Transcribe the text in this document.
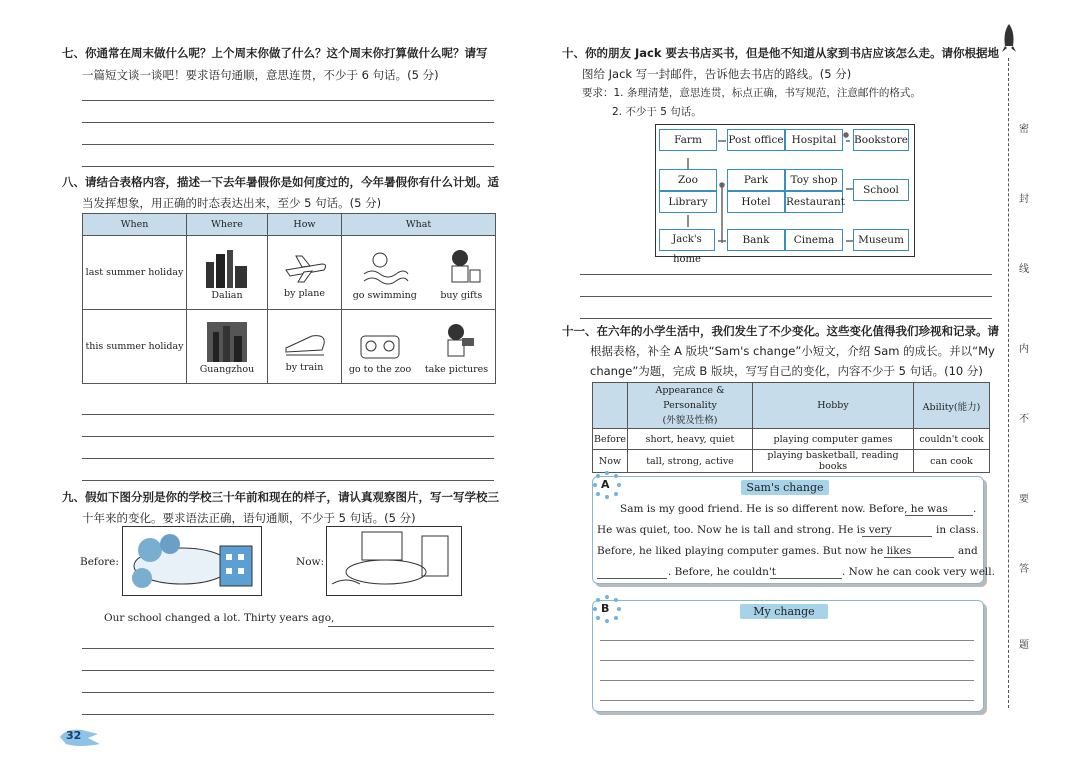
七、你通常在周末做什么呢？上个周末你做了什么？这个周末你打算做什么呢？请写
一篇短文谈一谈吧！要求语句通顺，意思连贯，不少于 6 句话。(5 分)
八、请结合表格内容，描述一下去年暑假你是如何度过的，今年暑假你有什么计划。适
当发挥想象，用正确的时态表达出来，至少 5 句话。(5 分)
When	Where	How	What
last summer holiday	Dalian	by plane	go swimming buy gifts

this summer holiday	Guangzhou	by train	go to the zoo take pictures
九、假如下图分别是你的学校三十年前和现在的样子，请认真观察图片，写一写学校三
十年来的变化。要求语法正确，语句通顺，不少于 5 句话。(5 分)
Before:	Now:
Our school changed a lot. Thirty years ago,
32
十、你的朋友 Jack 要去书店买书，但是他不知道从家到书店应该怎么走。请你根据地
图给 Jack 写一封邮件，告诉他去书店的路线。(5 分)
要求：1. 条理清楚，意思连贯，标点正确，书写规范，注意邮件的格式。
2. 不少于 5 句话。
Farm	Post office Hospital	Bookstore
Zoo
Library
Park	Toy shop
Hotel	Restaurant
School
Jack's home
Bank	Cinema	Museum
十一、在六年的小学生活中，我们发生了不少变化。这些变化值得我们珍视和记录。请
根据表格，补全 A 版块“Sam's change”小短文，介绍 Sam 的成长。并以“My
change”为题，完成 B 版块，写写自己的变化，内容不少于 5 句话。(10 分)

	Appearance & Personality
(外貌及性格)	Hobby	Ability(能力)
Before	short, heavy, quiet	playing computer games	couldn't cook
Now	tall, strong, active	playing basketball, reading books	can cook
A	Sam's change
Sam is my good friend. He is so different now. Before, he was .
He was quiet, too. Now he is tall and strong. He is very	in class.
Before, he liked playing computer games. But now he likes	and
. Before, he couldn't	. Now he can cook very well.
B	My change
密
封
线
内
不
要
答
题
